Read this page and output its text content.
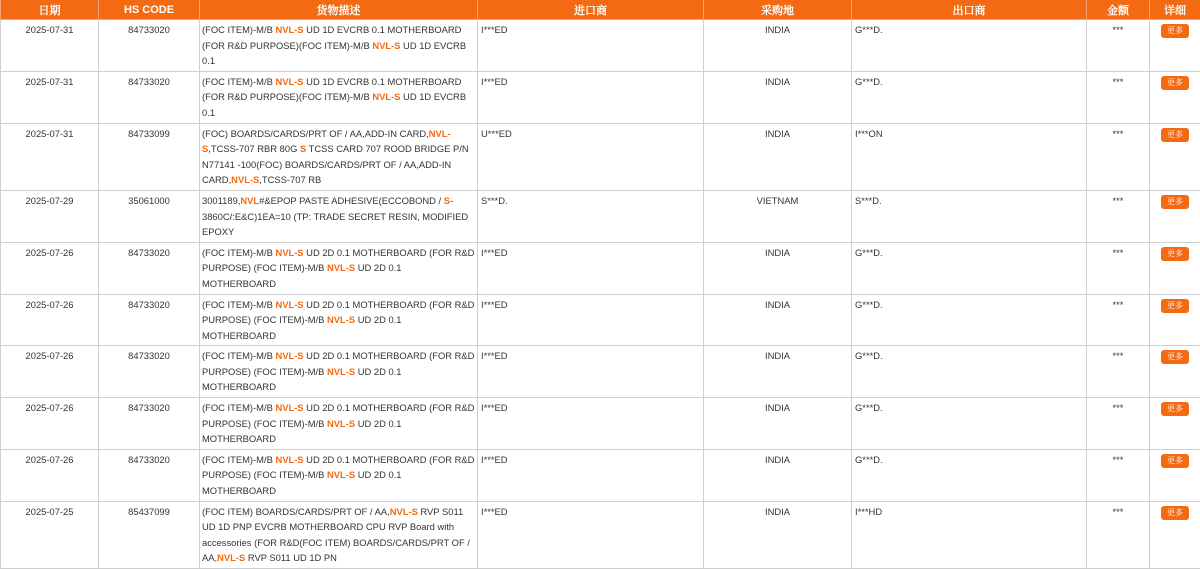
日期	HS CODE	货物描述	进口商	采购地	出口商	金额	详细
2025-07-31	84733020	(FOC ITEM)-M/B NVL-S UD 1D EVCRB 0.1 MOTHERBOARD (FOR R&D PURPOSE)(FOC ITEM)-M/B NVL-S UD 1D EVCRB 0.1	I***ED	INDIA	G***D.	***	更多
2025-07-31	84733020	(FOC ITEM)-M/B NVL-S UD 1D EVCRB 0.1 MOTHERBOARD (FOR R&D PURPOSE)(FOC ITEM)-M/B NVL-S UD 1D EVCRB 0.1	I***ED	INDIA	G***D.	***	更多
2025-07-31	84733099	(FOC) BOARDS/CARDS/PRT OF / AA,ADD-IN CARD,NVL-S,TCSS-707 RBR 80G S TCSS CARD 707 ROOD BRIDGE P/N N77141 -100(FOC) BOARDS/CARDS/PRT OF / AA,ADD-IN CARD,NVL-S,TCSS-707 RB	U***ED	INDIA	I***ON	***	更多
2025-07-29	35061000	3001189,NVL#&EPOP PASTE ADHESIVE(ECCOBOND / S-3860C/:E&C)1EA=10 (TP: TRADE SECRET RESIN, MODIFIED EPOXY	S***D.	VIETNAM	S***D.	***	更多
2025-07-26	84733020	(FOC ITEM)-M/B NVL-S UD 2D 0.1 MOTHERBOARD (FOR R&D PURPOSE) (FOC ITEM)-M/B NVL-S UD 2D 0.1 MOTHERBOARD	I***ED	INDIA	G***D.	***	更多
2025-07-26	84733020	(FOC ITEM)-M/B NVL-S UD 2D 0.1 MOTHERBOARD (FOR R&D PURPOSE) (FOC ITEM)-M/B NVL-S UD 2D 0.1 MOTHERBOARD	I***ED	INDIA	G***D.	***	更多
2025-07-26	84733020	(FOC ITEM)-M/B NVL-S UD 2D 0.1 MOTHERBOARD (FOR R&D PURPOSE) (FOC ITEM)-M/B NVL-S UD 2D 0.1 MOTHERBOARD	I***ED	INDIA	G***D.	***	更多
2025-07-26	84733020	(FOC ITEM)-M/B NVL-S UD 2D 0.1 MOTHERBOARD (FOR R&D PURPOSE) (FOC ITEM)-M/B NVL-S UD 2D 0.1 MOTHERBOARD	I***ED	INDIA	G***D.	***	更多
2025-07-26	84733020	(FOC ITEM)-M/B NVL-S UD 2D 0.1 MOTHERBOARD (FOR R&D PURPOSE) (FOC ITEM)-M/B NVL-S UD 2D 0.1 MOTHERBOARD	I***ED	INDIA	G***D.	***	更多
2025-07-25	85437099	(FOC ITEM) BOARDS/CARDS/PRT OF / AA,NVL-S RVP S011 UD 1D PNP EVCRB MOTHERBOARD CPU RVP Board with accessories (FOR R&D(FOC ITEM) BOARDS/CARDS/PRT OF / AA,NVL-S RVP S011 UD 1D PN	I***ED	INDIA	I***HD	***	更多
